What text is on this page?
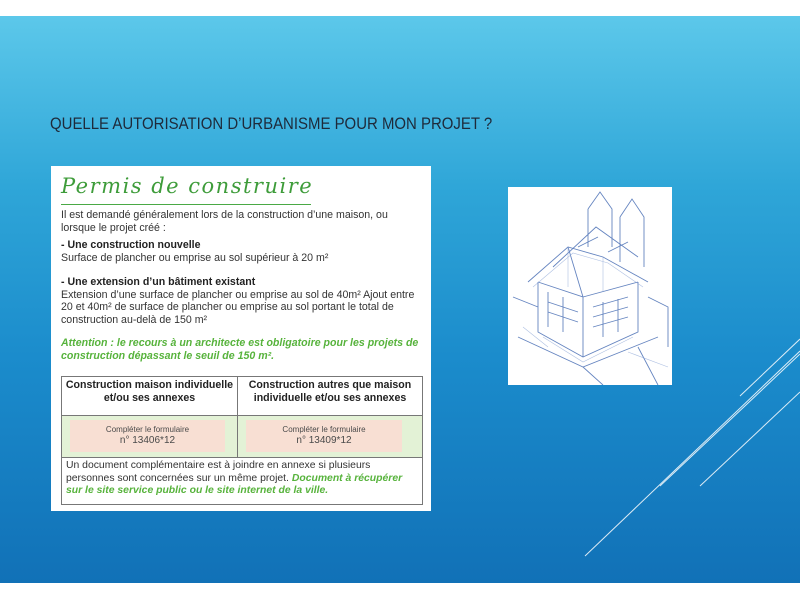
QUELLE AUTORISATION D’URBANISME POUR MON PROJET ?
Permis de construire
Il est demandé généralement lors de la construction d’une maison, ou lorsque le projet créé :
- Une construction nouvelle
Surface de plancher ou emprise au sol supérieur à 20 m²
- Une extension d’un bâtiment existant
Extension d’une surface de plancher ou emprise au sol de 40m² Ajout entre 20 et 40m² de surface de plancher ou emprise au sol portant le total de construction au-delà de 150 m²
Attention : le recours à un architecte est obligatoire pour les projets de construction dépassant le seuil de 150 m².
Construction maison individuelle et/ou ses annexes
Construction autres que maison individuelle et/ou ses annexes
Compléter le formulaire
n° 13406*12
Compléter le formulaire
n° 13409*12
Un document complémentaire est à joindre en annexe si plusieurs personnes sont concernées sur un même projet. Document à récupérer sur le site service public ou le site internet de la ville.
